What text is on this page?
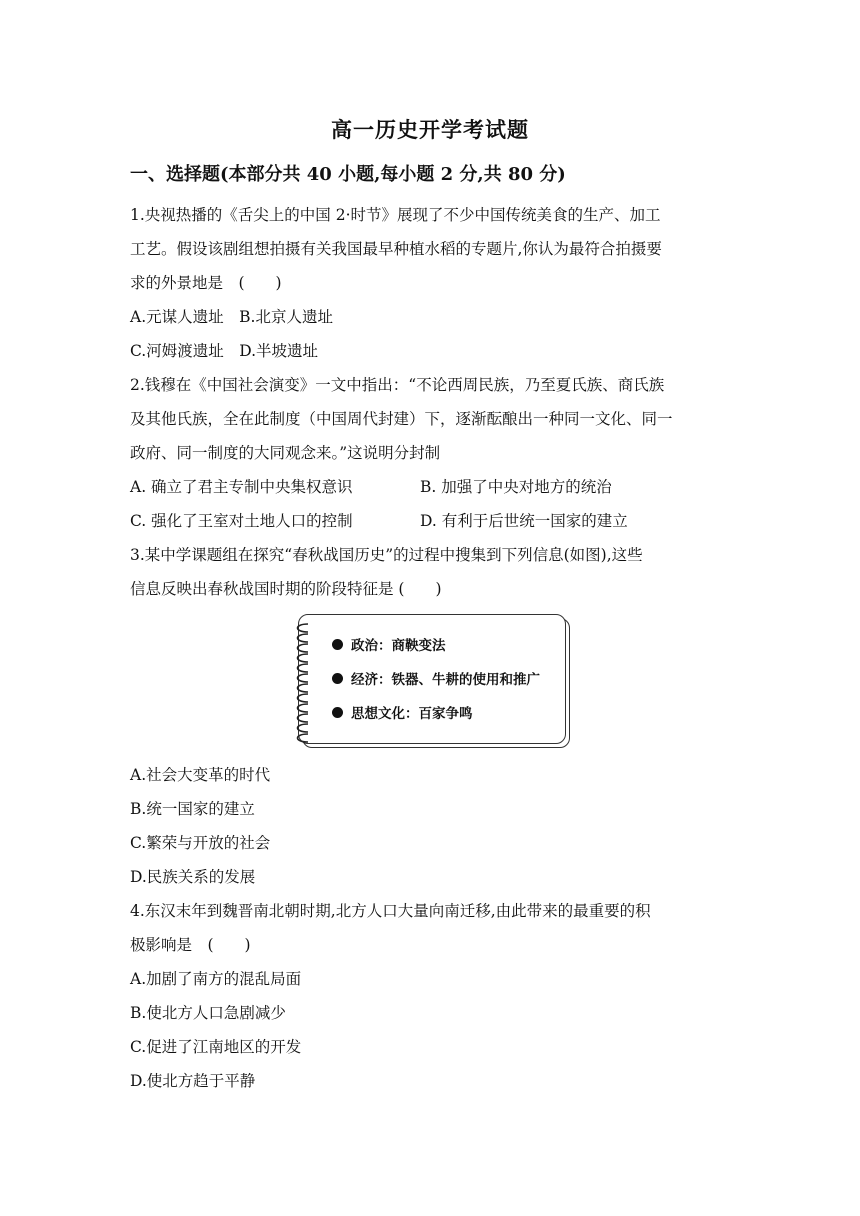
高一历史开学考试题
一、选择题(本部分共 40 小题,每小题 2 分,共 80 分)
1.央视热播的《舌尖上的中国 2·时节》展现了不少中国传统美食的生产、加工
工艺。假设该剧组想拍摄有关我国最早种植水稻的专题片,你认为最符合拍摄要
求的外景地是　(　　)
A.元谋人遗址　B.北京人遗址
C.河姆渡遗址　D.半坡遗址
2.钱穆在《中国社会演变》一文中指出：“不论西周民族，乃至夏氏族、商氏族
及其他氏族，全在此制度（中国周代封建）下，逐渐酝酿出一种同一文化、同一
政府、同一制度的大同观念来。”这说明分封制
A. 确立了君主专制中央集权意识	B. 加强了中央对地方的统治
C. 强化了王室对土地人口的控制	D. 有利于后世统一国家的建立
3.某中学课题组在探究“春秋战国历史”的过程中搜集到下列信息(如图),这些
信息反映出春秋战国时期的阶段特征是 (　　)
政治：商鞅变法
经济：铁器、牛耕的使用和推广
思想文化：百家争鸣
A.社会大变革的时代
B.统一国家的建立
C.繁荣与开放的社会
D.民族关系的发展
4.东汉末年到魏晋南北朝时期,北方人口大量向南迁移,由此带来的最重要的积
极影响是　(　　)
A.加剧了南方的混乱局面
B.使北方人口急剧减少
C.促进了江南地区的开发
D.使北方趋于平静
